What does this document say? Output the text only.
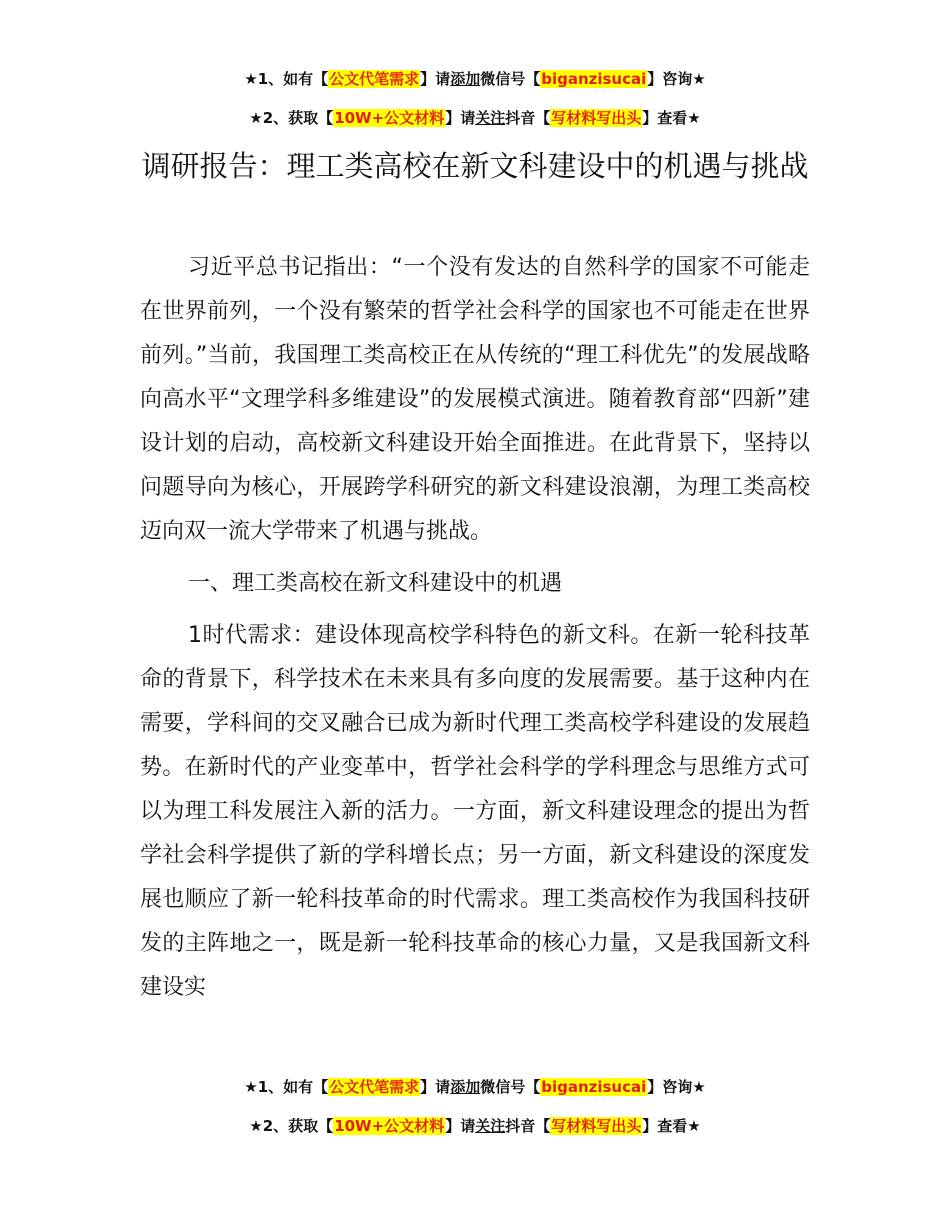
★1、如有【公文代笔需求】请添加微信号【biganzisucai】咨询★
★2、获取【10W+公文材料】请关注抖音【写材料写出头】查看★
调研报告：理工类高校在新文科建设中的机遇与挑战

习近平总书记指出：“一个没有发达的自然科学的国家不可能走在世界前列，一个没有繁荣的哲学社会科学的国家也不可能走在世界前列。”当前，我国理工类高校正在从传统的“理工科优先”的发展战略向高水平“文理学科多维建设”的发展模式演进。随着教育部“四新”建设计划的启动，高校新文科建设开始全面推进。在此背景下，坚持以问题导向为核心，开展跨学科研究的新文科建设浪潮，为理工类高校迈向双一流大学带来了机遇与挑战。

一、理工类高校在新文科建设中的机遇

1时代需求：建设体现高校学科特色的新文科。在新一轮科技革命的背景下，科学技术在未来具有多向度的发展需要。基于这种内在需要，学科间的交叉融合已成为新时代理工类高校学科建设的发展趋势。在新时代的产业变革中，哲学社会科学的学科理念与思维方式可以为理工科发展注入新的活力。一方面，新文科建设理念的提出为哲学社会科学提供了新的学科增长点；另一方面，新文科建设的深度发展也顺应了新一轮科技革命的时代需求。理工类高校作为我国科技研发的主阵地之一，既是新一轮科技革命的核心力量，又是我国新文科建设实

★1、如有【公文代笔需求】请添加微信号【biganzisucai】咨询★
★2、获取【10W+公文材料】请关注抖音【写材料写出头】查看★
